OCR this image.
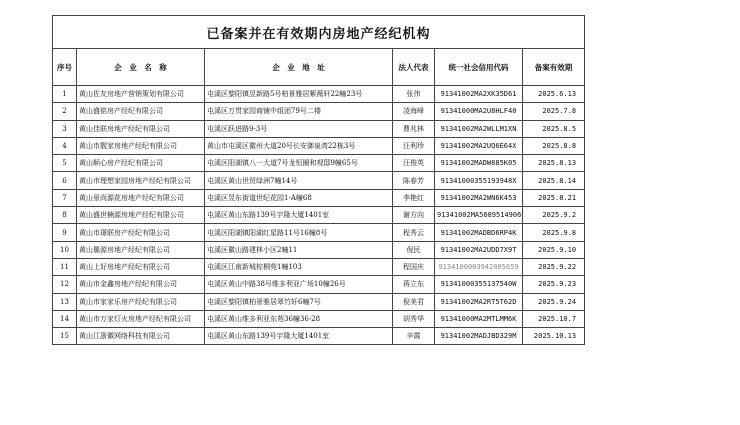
已备案并在有效期内房地产经纪机构					
序号	企　业　名　称	企　业　地　址	法人代表	统一社会信用代码	备案有效期
1	黄山佐友房地产营销策划有限公司	屯溪区黎阳镇昱新路5号柏景雅居紫薇轩22幢23号	张伟	91341002MA2XK35D61	2025.6.13
2	黄山盛铭房产经纪有限公司	屯溪区万贯家园商铺中组团79号二楼	凌海峰	91341000MA2U8HLF40	2025.7.8
3	黄山佳联房地产经纪有限公司	屯溪区跃进路9-3号	曹兆林	91341002MA2WLLM1XN	2025.8.5
4	黄山市靓家房地产经纪有限公司	黄山市屯溪区徽州大道20号长安御泉湾22栋3号	汪利珍	91341002MA2UQ6E64X	2025.8.8
5	黄山顺心房产经纪有限公司	屯溪区阳湖镇八一大道7号龙恒圈和观邸9幢65号	汪俊英	91341002MADW885K05	2025.8.13
6	黄山市理想家园房地产经纪有限公司	屯溪区黄山世贸绿洲7幢14号	陈春芳	913410003551939​48X	2025.8.14
7	黄山景尚源花房地产经纪有限公司	屯溪区昱东街道世纪花园1-A幢68	李艳红	91341002MA2WN6K453	2025.8.21
8	黄山盛世楠源房地产经纪有限公司	屯溪区黄山东路139号宇隆大厦1401室	谢方向	91341002MA5689514906	2025.9.2
9	黄山市璟联房产经纪有限公司	屯溪区阳湖镇阳湖红星路11号16幢8号	程秀云	91341002MADBD6RP4K	2025.9.8
10	黄山璐源房地产经纪有限公司	屯溪区徽山路建林小区2幢11	倪民	91341002MA2UDD7X9T	2025.9.10
11	黄山上好房地产经纪有限公司	屯溪区江南新城棕桐苑1幢103	程国庆	91341000039420056​59	2025.9.22
12	黄山市金鑫房地产经纪有限公司	屯溪区黄山中路38号维多利亚广场10幢26号	蒋立东	91341000355137540W	2025.9.23
13	黄山市家家乐房产经纪有限公司	屯溪区黎阳镇柏景雅居翠竹轩6幢7号	倪美君	91341002MA2RT5T62D	2025.9.24
14	黄山市万家灯火房地产经纪有限公司	屯溪区黄山维多利亚东苑36幢36-28	胡秀华	91341000MA2MTLMM6K	2025.10.7
15	黄山江浙徽网络科技有限公司	屯溪区黄山东路139号宇隆大厦1401室	辛霞	91341002MADJBD329M	2025.10.13
